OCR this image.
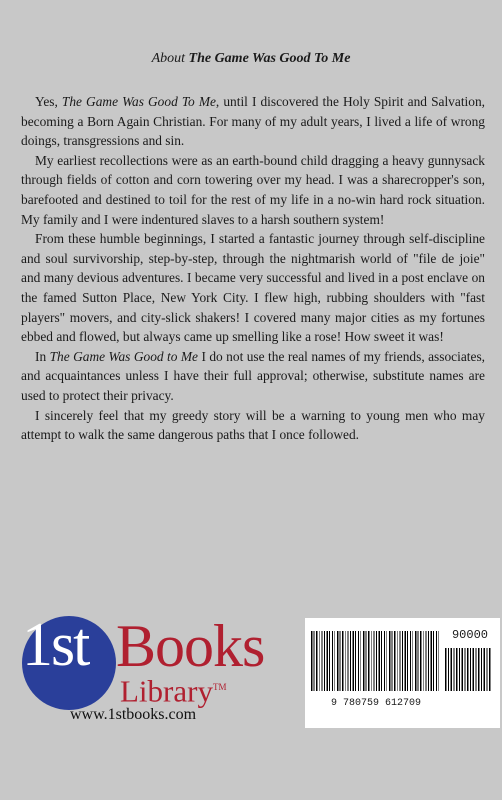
About The Game Was Good To Me

Yes, The Game Was Good To Me, until I discovered the Holy Spirit and Salvation, becoming a Born Again Christian. For many of my adult years, I lived a life of wrong doings, transgressions and sin.

My earliest recollections were as an earth-bound child dragging a heavy gunnysack through fields of cotton and corn towering over my head. I was a sharecropper's son, barefooted and destined to toil for the rest of my life in a no-win hard rock situation. My family and I were indentured slaves to a harsh southern system!

From these humble beginnings, I started a fantastic journey through self-discipline and soul survivorship, step-by-step, through the nightmarish world of "file de joie" and many devious adventures. I became very successful and lived in a post enclave on the famed Sutton Place, New York City. I flew high, rubbing shoulders with "fast players" movers, and city-slick shakers! I covered many major cities as my fortunes ebbed and flowed, but always came up smelling like a rose! How sweet it was!

In The Game Was Good to Me I do not use the real names of my friends, associates, and acquaintances unless I have their full approval; otherwise, substitute names are used to protect their privacy.

I sincerely feel that my greedy story will be a warning to young men who may attempt to walk the same dangerous paths that I once followed.

1st Books
Library™
www.1stbooks.com
90000
9 780759 612709
